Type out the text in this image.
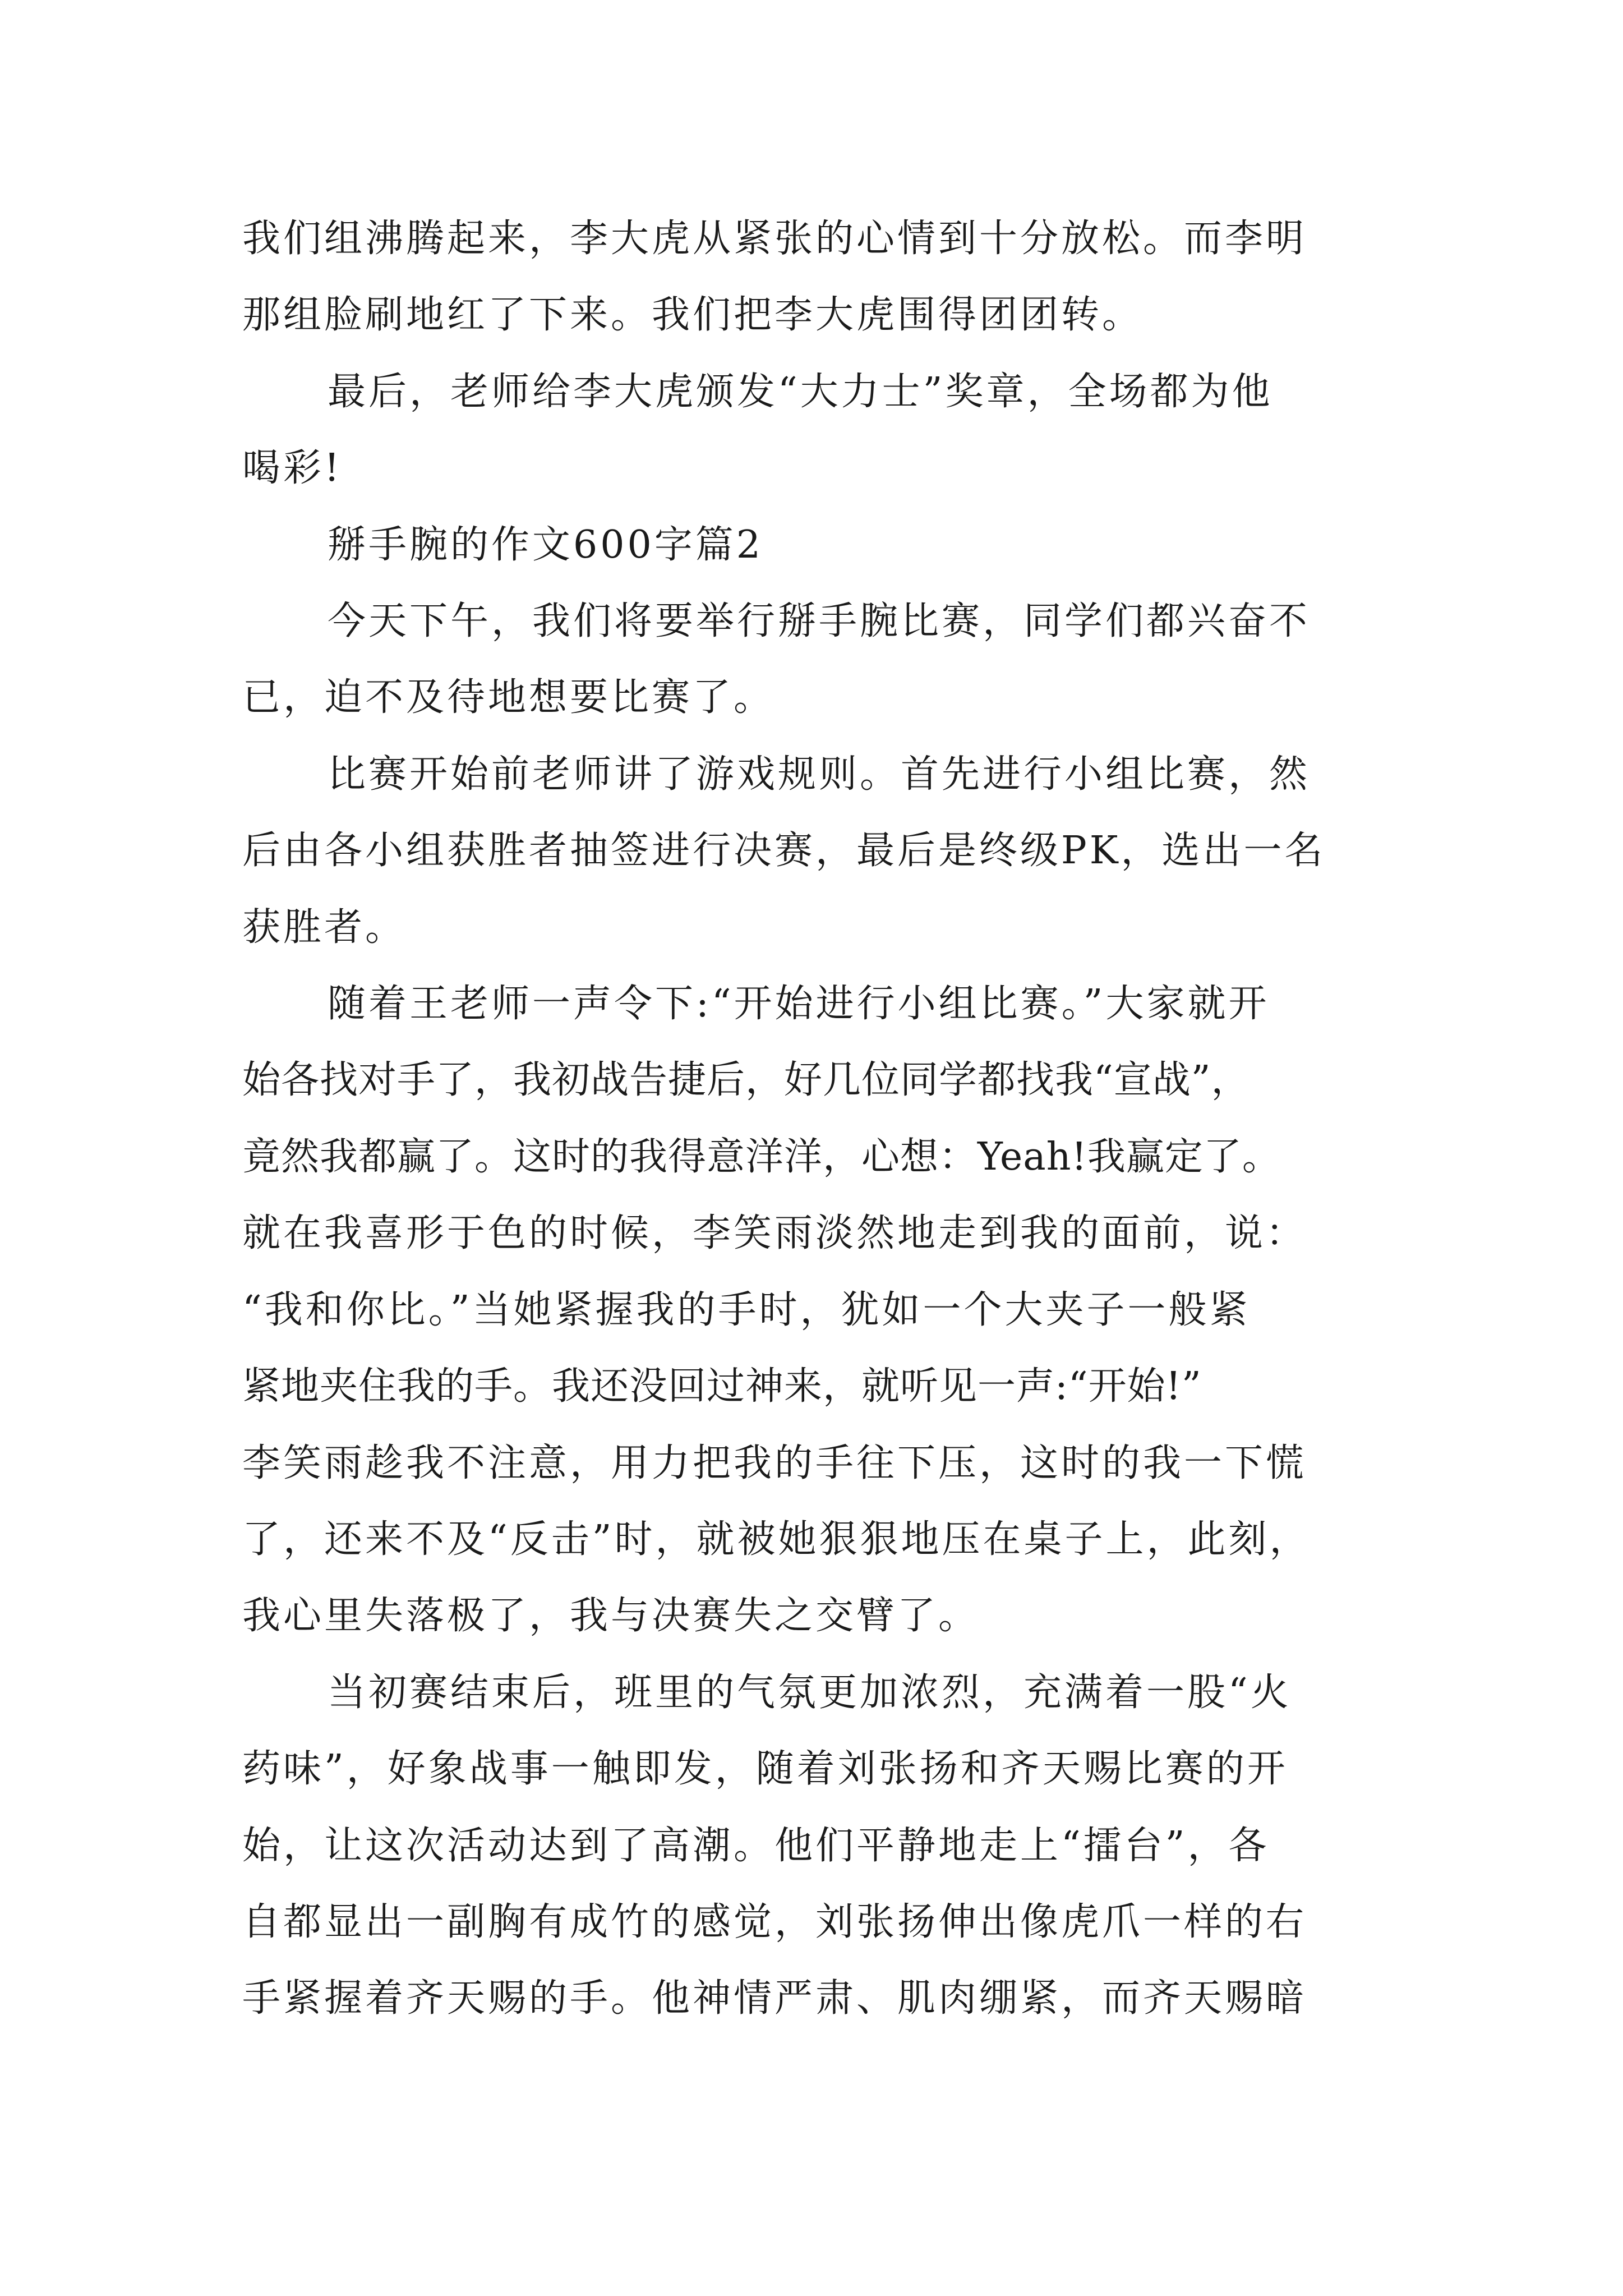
我们组沸腾起来，李大虎从紧张的心情到十分放松。而李明

那组脸刷地红了下来。我们把李大虎围得团团转。

最后，老师给李大虎颁发“大力士”奖章，全场都为他

喝彩!

掰手腕的作文600字篇2

今天下午，我们将要举行掰手腕比赛，同学们都兴奋不

已，迫不及待地想要比赛了。

比赛开始前老师讲了游戏规则。首先进行小组比赛，然

后由各小组获胜者抽签进行决赛，最后是终级PK，选出一名

获胜者。

随着王老师一声令下:“开始进行小组比赛。”大家就开

始各找对手了，我初战告捷后，好几位同学都找我“宣战”，

竟然我都赢了。这时的我得意洋洋，心想：Yeah!我赢定了。

就在我喜形于色的时候，李笑雨淡然地走到我的面前，说：

“我和你比。”当她紧握我的手时，犹如一个大夹子一般紧

紧地夹住我的手。我还没回过神来，就听见一声:“开始!”

李笑雨趁我不注意，用力把我的手往下压，这时的我一下慌

了，还来不及“反击”时，就被她狠狠地压在桌子上，此刻，

我心里失落极了，我与决赛失之交臂了。

当初赛结束后，班里的气氛更加浓烈，充满着一股“火

药味”，好象战事一触即发，随着刘张扬和齐天赐比赛的开

始，让这次活动达到了高潮。他们平静地走上“擂台”，各

自都显出一副胸有成竹的感觉，刘张扬伸出像虎爪一样的右

手紧握着齐天赐的手。他神情严肃、肌肉绷紧，而齐天赐暗
